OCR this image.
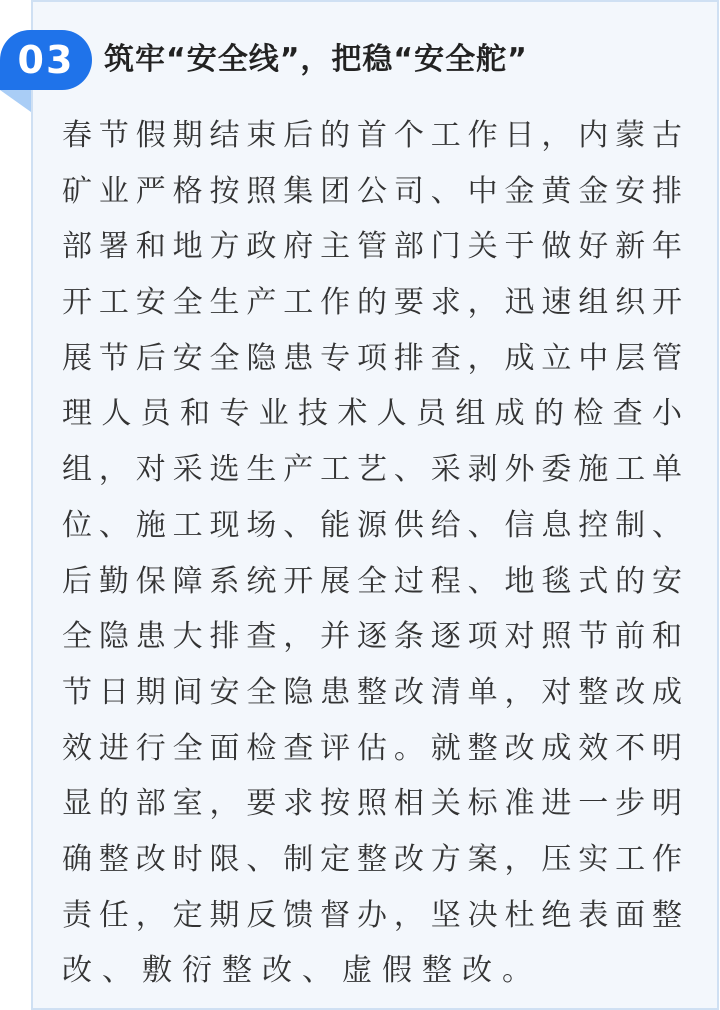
03 筑牢“安全线”，把稳“安全舵”
春节假期结束后的首个工作日，内蒙古
矿业严格按照集团公司、中金黄金安排
部署和地方政府主管部门关于做好新年
开工安全生产工作的要求，迅速组织开
展节后安全隐患专项排查，成立中层管
理人员和专业技术人员组成的检查小
组，对采选生产工艺、采剥外委施工单
位、施工现场、能源供给、信息控制、
后勤保障系统开展全过程、地毯式的安
全隐患大排查，并逐条逐项对照节前和
节日期间安全隐患整改清单，对整改成
效进行全面检查评估。就整改成效不明
显的部室，要求按照相关标准进一步明
确整改时限、制定整改方案，压实工作
责任，定期反馈督办，坚决杜绝表面整
改、敷衍整改、虚假整改。
